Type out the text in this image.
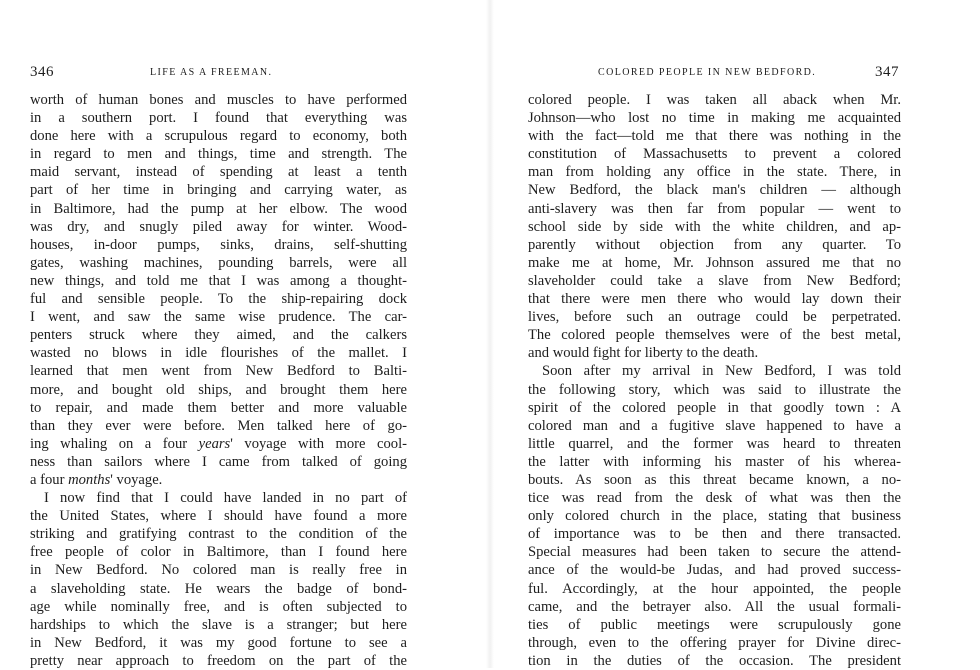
346	LIFE AS A FREEMAN.
worth of human bones and muscles to have performed
in a southern port. I found that everything was
done here with a scrupulous regard to economy, both
in regard to men and things, time and strength. The
maid servant, instead of spending at least a tenth
part of her time in bringing and carrying water, as
in Baltimore, had the pump at her elbow. The wood
was dry, and snugly piled away for winter. Wood-
houses, in-door pumps, sinks, drains, self-shutting
gates, washing machines, pounding barrels, were all
new things, and told me that I was among a thought-
ful and sensible people. To the ship-repairing dock
I went, and saw the same wise prudence. The car-
penters struck where they aimed, and the calkers
wasted no blows in idle flourishes of the mallet. I
learned that men went from New Bedford to Balti-
more, and bought old ships, and brought them here
to repair, and made them better and more valuable
than they ever were before. Men talked here of go-
ing whaling on a four years' voyage with more cool-
ness than sailors where I came from talked of going
a four months' voyage.
I now find that I could have landed in no part of
the United States, where I should have found a more
striking and gratifying contrast to the condition of the
free people of color in Baltimore, than I found here
in New Bedford. No colored man is really free in
a slaveholding state. He wears the badge of bond-
age while nominally free, and is often subjected to
hardships to which the slave is a stranger; but here
in New Bedford, it was my good fortune to see a
pretty near approach to freedom on the part of the
COLORED PEOPLE IN NEW BEDFORD.	347
colored people. I was taken all aback when Mr.
Johnson—who lost no time in making me acquainted
with the fact—told me that there was nothing in the
constitution of Massachusetts to prevent a colored
man from holding any office in the state. There, in
New Bedford, the black man's children — although
anti-slavery was then far from popular — went to
school side by side with the white children, and ap-
parently without objection from any quarter. To
make me at home, Mr. Johnson assured me that no
slaveholder could take a slave from New Bedford;
that there were men there who would lay down their
lives, before such an outrage could be perpetrated.
The colored people themselves were of the best metal,
and would fight for liberty to the death.
Soon after my arrival in New Bedford, I was told
the following story, which was said to illustrate the
spirit of the colored people in that goodly town : A
colored man and a fugitive slave happened to have a
little quarrel, and the former was heard to threaten
the latter with informing his master of his wherea-
bouts. As soon as this threat became known, a no-
tice was read from the desk of what was then the
only colored church in the place, stating that business
of importance was to be then and there transacted.
Special measures had been taken to secure the attend-
ance of the would-be Judas, and had proved success-
ful. Accordingly, at the hour appointed, the people
came, and the betrayer also. All the usual formali-
ties of public meetings were scrupulously gone
through, even to the offering prayer for Divine direc-
tion in the duties of the occasion. The president
